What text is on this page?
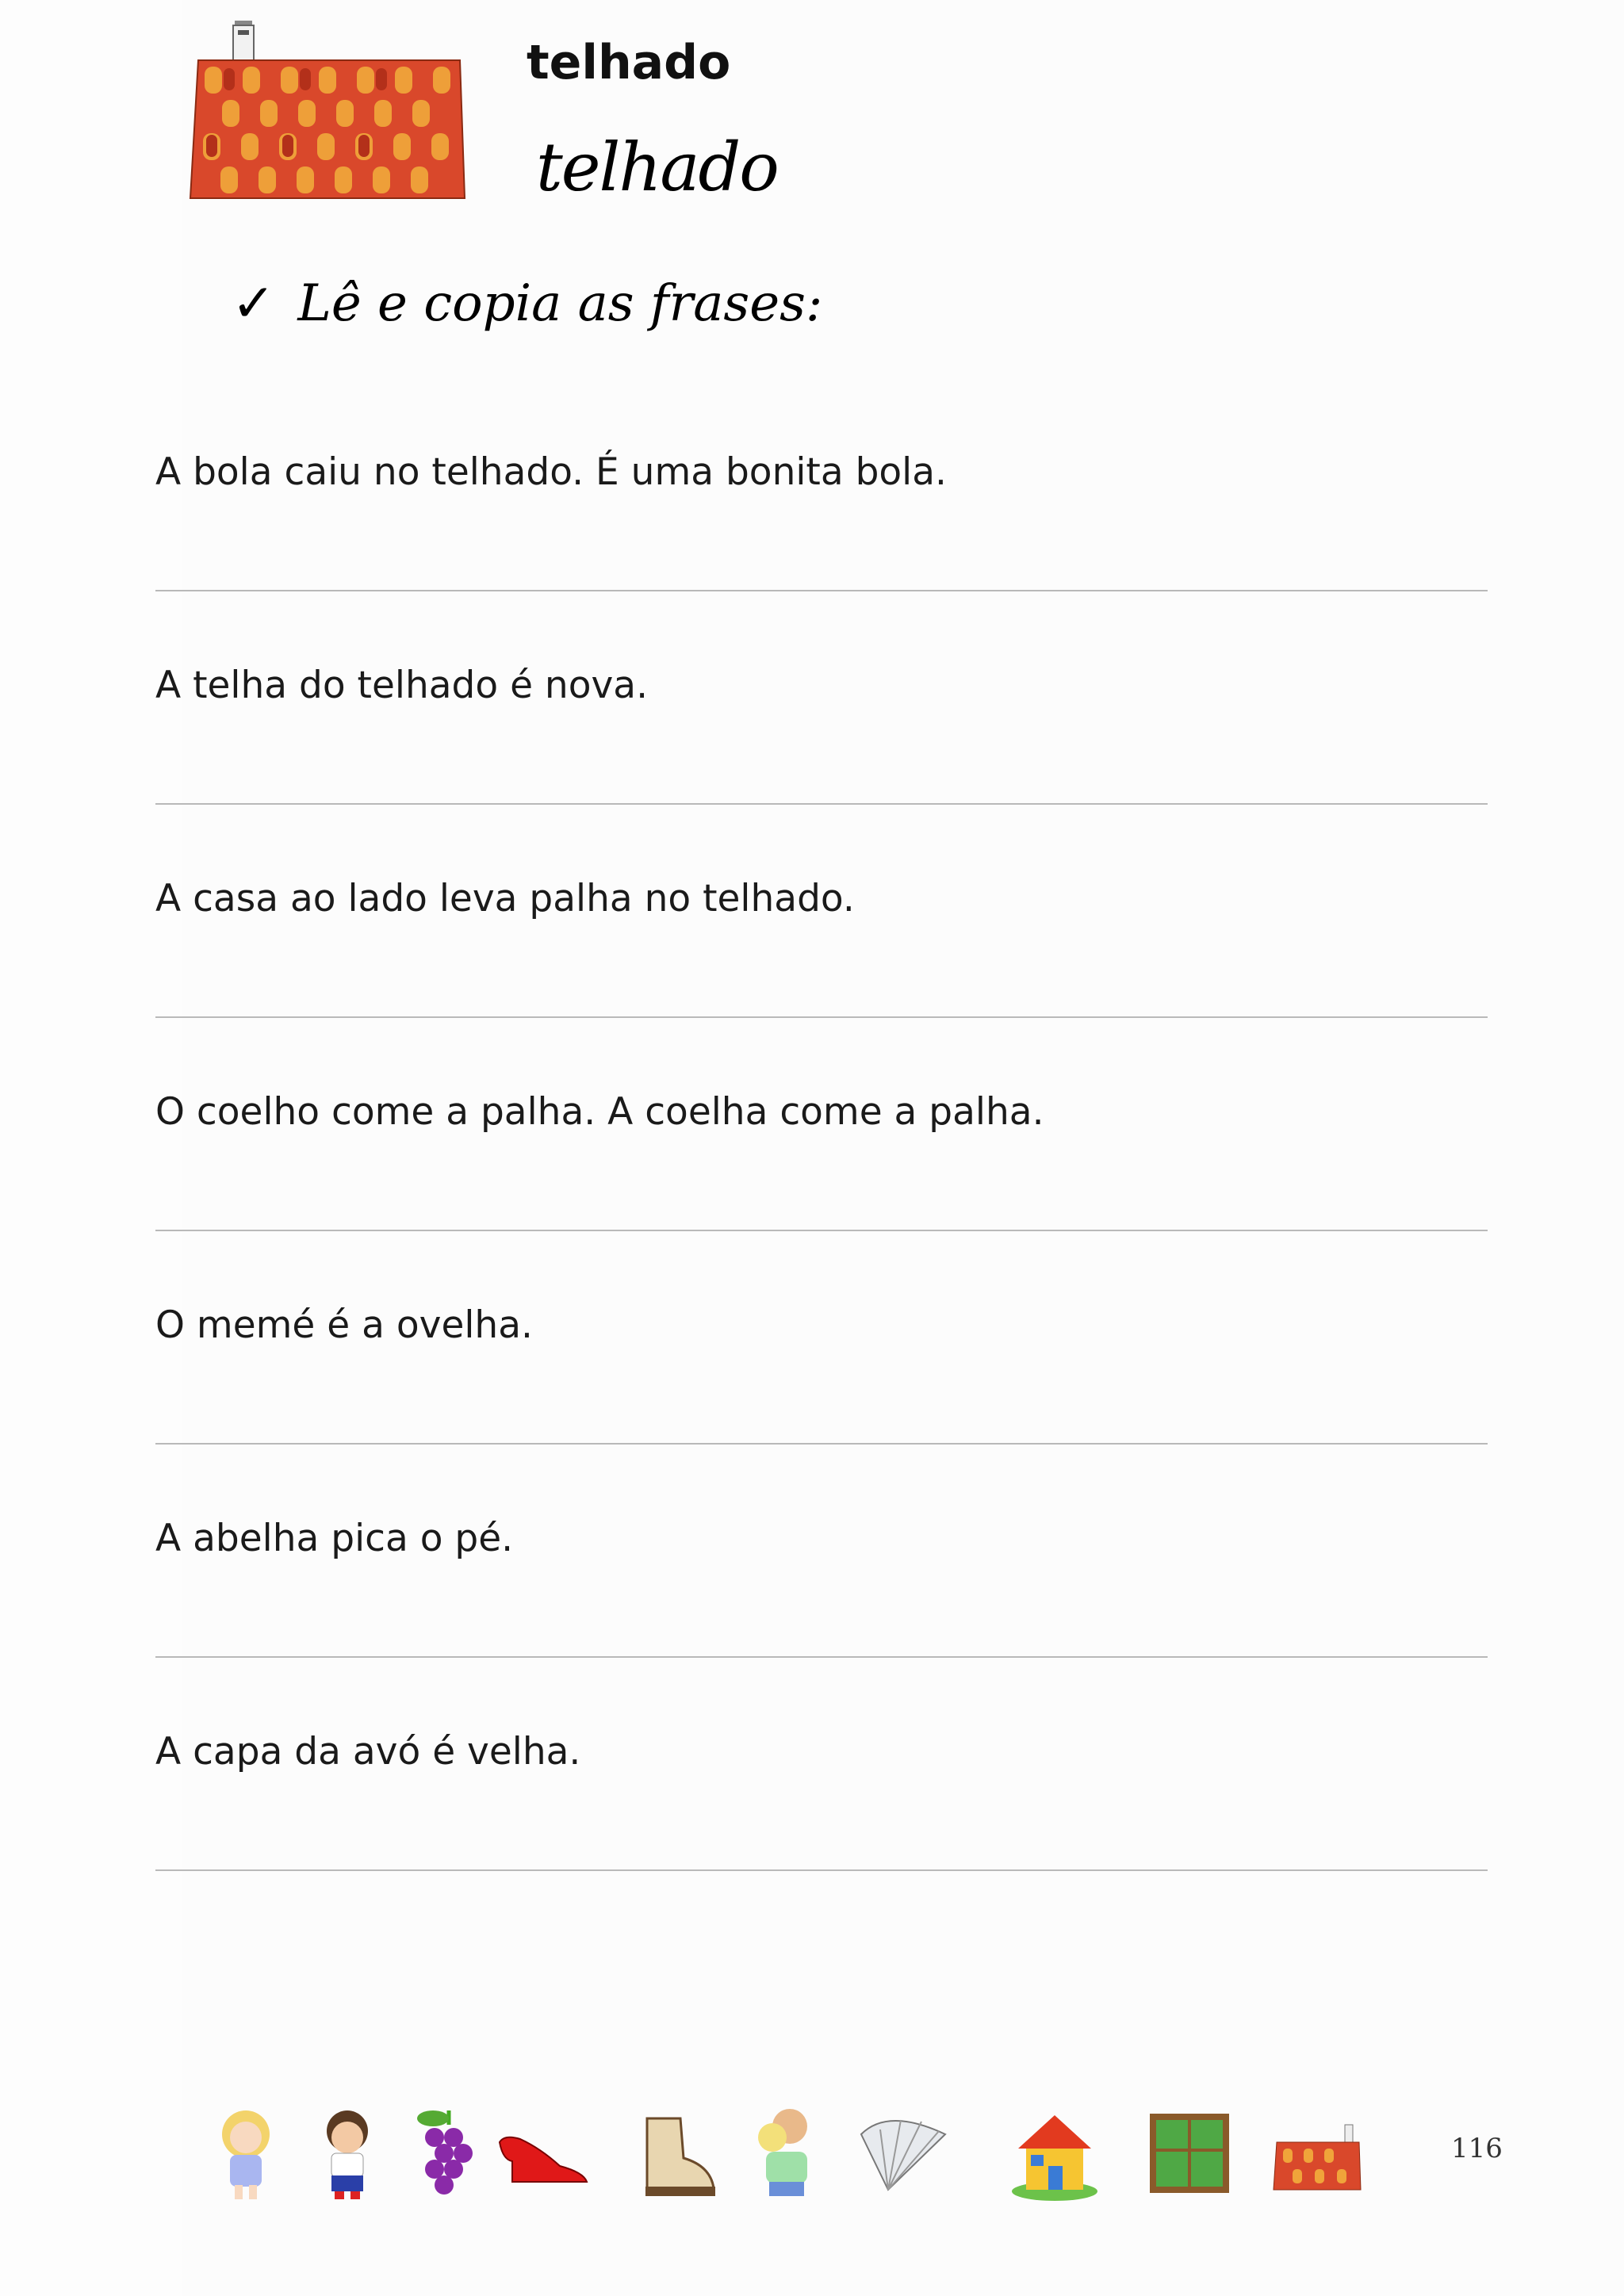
telhado
telhado
✓ Lê e copia as frases:
A bola caiu no telhado. É uma bonita bola.
A telha do telhado é nova.
A casa ao lado leva palha no telhado.
O coelho come a palha. A coelha come a palha.
O memé é a ovelha.
A abelha pica o pé.
A capa da avó é velha.
116
